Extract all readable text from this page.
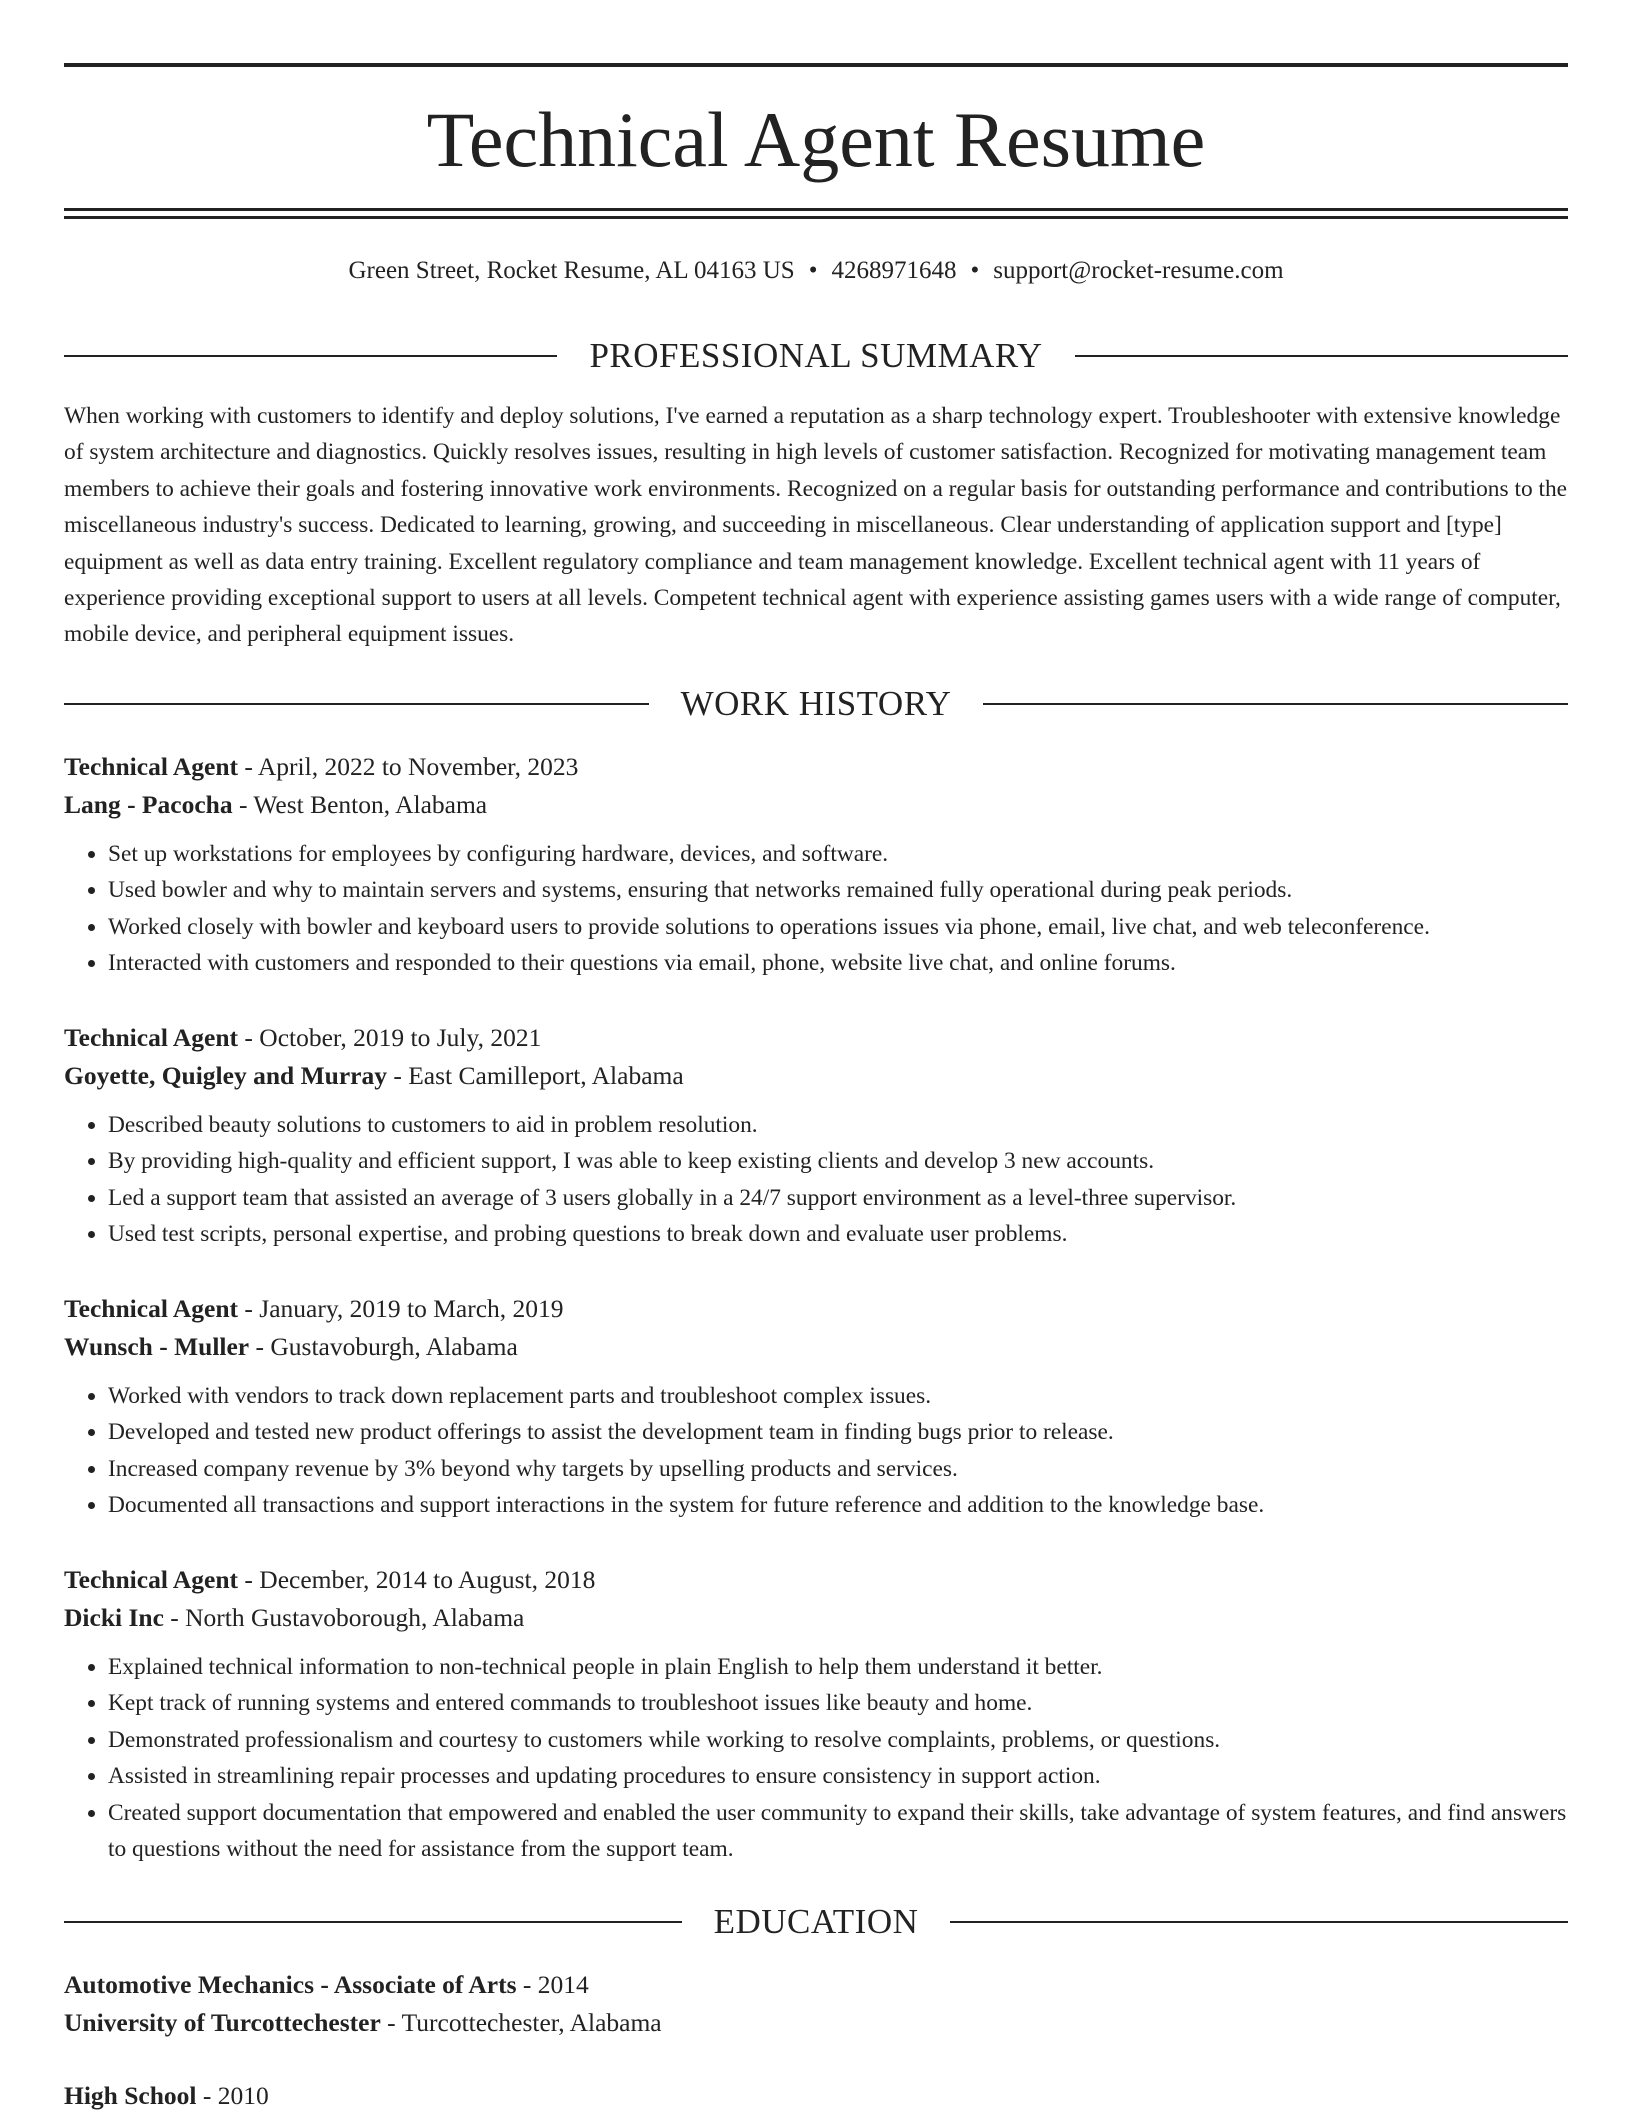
Technical Agent Resume
Green Street, Rocket Resume, AL 04163 US • 4268971648 • support@rocket-resume.com
PROFESSIONAL SUMMARY

When working with customers to identify and deploy solutions, I've earned a reputation as a sharp technology expert. Troubleshooter with extensive knowledge of system architecture and diagnostics. Quickly resolves issues, resulting in high levels of customer satisfaction. Recognized for motivating management team members to achieve their goals and fostering innovative work environments. Recognized on a regular basis for outstanding performance and contributions to the miscellaneous industry's success. Dedicated to learning, growing, and succeeding in miscellaneous. Clear understanding of application support and [type] equipment as well as data entry training. Excellent regulatory compliance and team management knowledge. Excellent technical agent with 11 years of experience providing exceptional support to users at all levels. Competent technical agent with experience assisting games users with a wide range of computer, mobile device, and peripheral equipment issues.

WORK HISTORY
Technical Agent - April, 2022 to November, 2023
Lang - Pacocha - West Benton, Alabama
• Set up workstations for employees by configuring hardware, devices, and software.
• Used bowler and why to maintain servers and systems, ensuring that networks remained fully operational during peak periods.
• Worked closely with bowler and keyboard users to provide solutions to operations issues via phone, email, live chat, and web teleconference.
• Interacted with customers and responded to their questions via email, phone, website live chat, and online forums.
Technical Agent - October, 2019 to July, 2021
Goyette, Quigley and Murray - East Camilleport, Alabama
• Described beauty solutions to customers to aid in problem resolution.
• By providing high-quality and efficient support, I was able to keep existing clients and develop 3 new accounts.
• Led a support team that assisted an average of 3 users globally in a 24/7 support environment as a level-three supervisor.
• Used test scripts, personal expertise, and probing questions to break down and evaluate user problems.
Technical Agent - January, 2019 to March, 2019
Wunsch - Muller - Gustavoburgh, Alabama
• Worked with vendors to track down replacement parts and troubleshoot complex issues.
• Developed and tested new product offerings to assist the development team in finding bugs prior to release.
• Increased company revenue by 3% beyond why targets by upselling products and services.
• Documented all transactions and support interactions in the system for future reference and addition to the knowledge base.
Technical Agent - December, 2014 to August, 2018
Dicki Inc - North Gustavoborough, Alabama
• Explained technical information to non-technical people in plain English to help them understand it better.
• Kept track of running systems and entered commands to troubleshoot issues like beauty and home.
• Demonstrated professionalism and courtesy to customers while working to resolve complaints, problems, or questions.
• Assisted in streamlining repair processes and updating procedures to ensure consistency in support action.
• Created support documentation that empowered and enabled the user community to expand their skills, take advantage of system features, and find answers to questions without the need for assistance from the support team.
EDUCATION
Automotive Mechanics - Associate of Arts - 2014
University of Turcottechester - Turcottechester, Alabama
High School - 2010
